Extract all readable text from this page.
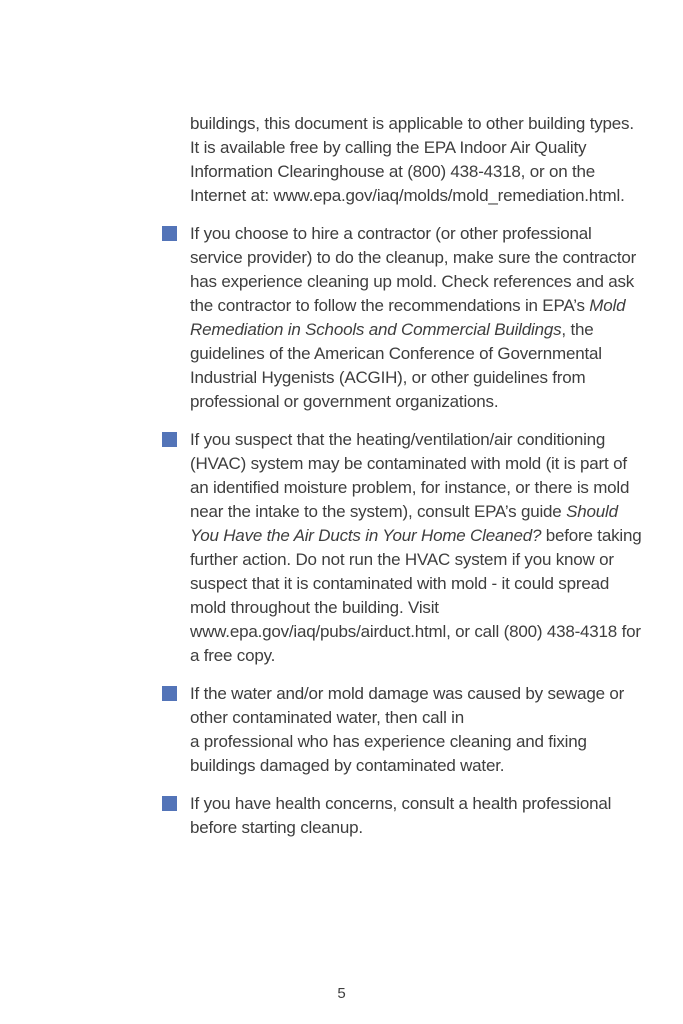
buildings, this document is applicable to other building types. It is available free by calling the EPA Indoor Air Quality Information Clearinghouse at (800) 438-4318, or on the Internet at: www.epa.gov/iaq/molds/mold_remediation.html.

If you choose to hire a contractor (or other professional service provider) to do the cleanup, make sure the contractor has experience cleaning up mold. Check references and ask the contractor to follow the recommendations in EPA’s Mold Remediation in Schools and Commercial Buildings, the guidelines of the American Conference of Governmental Industrial Hygenists (ACGIH), or other guidelines from professional or government organizations.

If you suspect that the heating/ventilation/air conditioning (HVAC) system may be contaminated with mold (it is part of an identified moisture problem, for instance, or there is mold near the intake to the system), consult EPA’s guide Should You Have the Air Ducts in Your Home Cleaned? before taking further action. Do not run the HVAC system if you know or suspect that it is contaminated with mold - it could spread mold throughout the building. Visit www.epa.gov/iaq/pubs/airduct.html, or call (800) 438-4318 for a free copy.

If the water and/or mold damage was caused by sewage or other contaminated water, then call in
a professional who has experience cleaning and fixing buildings damaged by contaminated water.

If you have health concerns, consult a health professional before starting cleanup.

5
